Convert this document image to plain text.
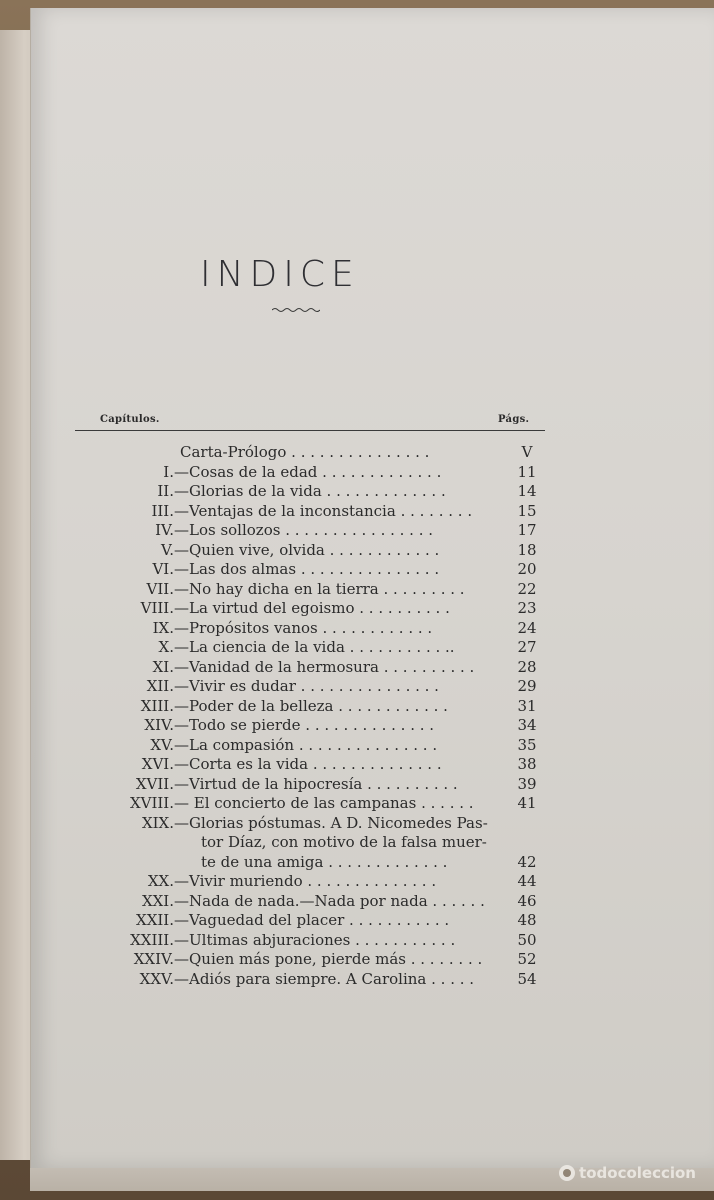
INDICE
Capítulos.	Págs.
Carta-Prólogo . . . . . . . . . . . . . . .	V
I. —Cosas de la edad . . . . . . . . . . . . .	11
II. —Glorias de la vida . . . . . . . . . . . . .	14
III. —Ventajas de la inconstancia . . . . . . . .	15
IV. —Los sollozos . . . . . . . . . . . . . . . .	17
V. —Quien vive, olvida . . . . . . . . . . . .	18
VI. —Las dos almas . . . . . . . . . . . . . . .	20
VII. —No hay dicha en la tierra . . . . . . . . .	22
VIII. —La virtud del egoismo . . . . . . . . . .	23
IX. —Propósitos vanos . . . . . . . . . . . .	24
X. —La ciencia de la vida . . . . . . . . . . ..	27
XI. —Vanidad de la hermosura . . . . . . . . . .	28
XII. —Vivir es dudar . . . . . . . . . . . . . . .	29
XIII. —Poder de la belleza . . . . . . . . . . . .	31
XIV. —Todo se pierde . . . . . . . . . . . . . .	34
XV. —La compasión . . . . . . . . . . . . . . .	35
XVI. —Corta es la vida . . . . . . . . . . . . . .	38
XVII. —Virtud de la hipocresía . . . . . . . . . .	39
XVIII. — El concierto de las campanas . . . . . .	41
XIX. —Glorias póstumas. A D. Nicomedes Pas-
tor Díaz, con motivo de la falsa muer-
te de una amiga . . . . . . . . . . . . .	42
XX. —Vivir muriendo . . . . . . . . . . . . . .	44
XXI. —Nada de nada.—Nada por nada . . . . . .	46
XXII. —Vaguedad del placer . . . . . . . . . . .	48
XXIII. —Ultimas abjuraciones . . . . . . . . . . .	50
XXIV. —Quien más pone, pierde más . . . . . . . .	52
XXV. —Adiós para siempre. A Carolina . . . . .	54
todocoleccion
